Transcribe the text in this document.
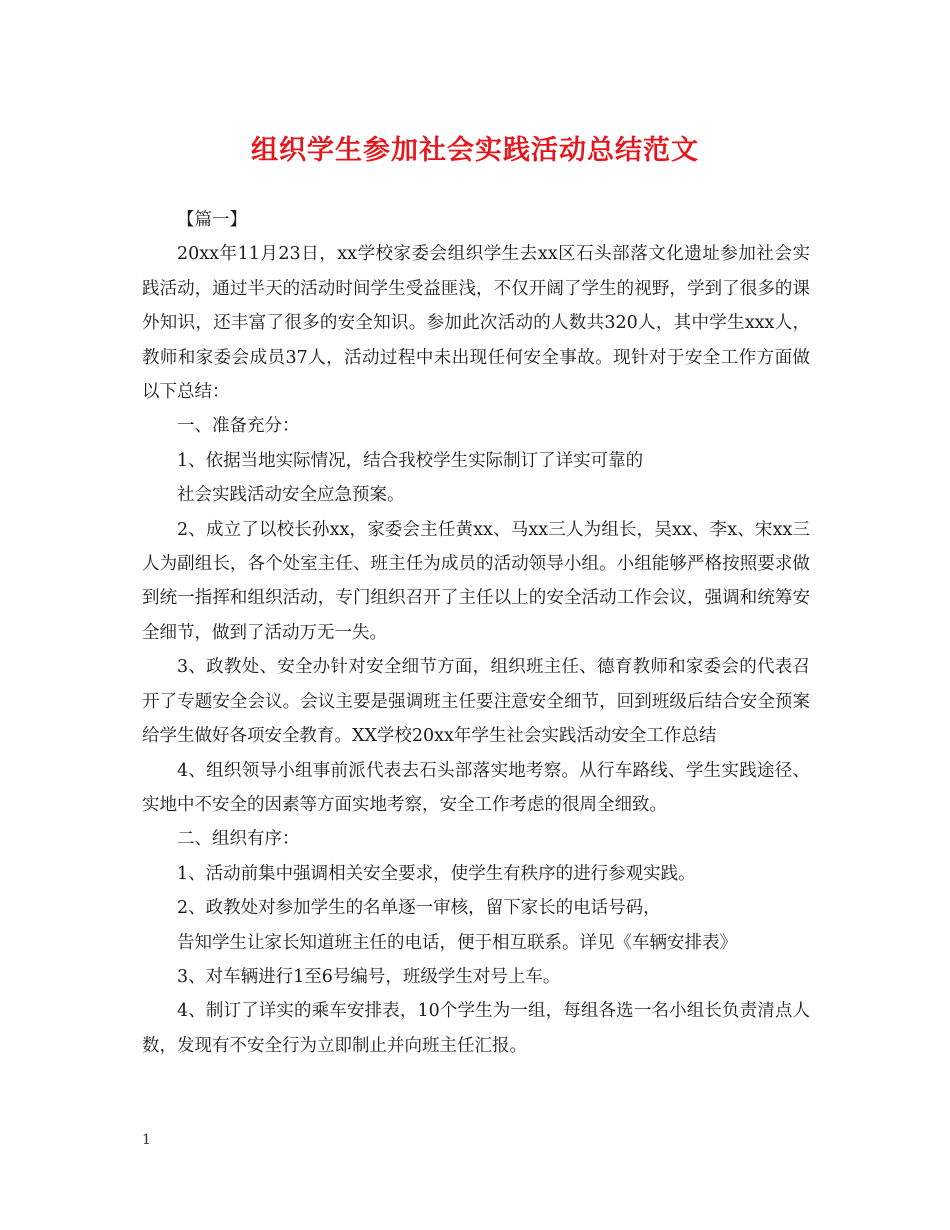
组织学生参加社会实践活动总结范文

【篇一】

20xx年11月23日，xx学校家委会组织学生去xx区石头部落文化遗址参加社会实践活动，通过半天的活动时间学生受益匪浅，不仅开阔了学生的视野，学到了很多的课外知识，还丰富了很多的安全知识。参加此次活动的人数共320人，其中学生xxx人，教师和家委会成员37人，活动过程中未出现任何安全事故。现针对于安全工作方面做以下总结：

一、准备充分：

1、依据当地实际情况，结合我校学生实际制订了详实可靠的

社会实践活动安全应急预案。

2、成立了以校长孙xx，家委会主任黄xx、马xx三人为组长，吴xx、李x、宋xx三人为副组长，各个处室主任、班主任为成员的活动领导小组。小组能够严格按照要求做到统一指挥和组织活动，专门组织召开了主任以上的安全活动工作会议，强调和统筹安全细节，做到了活动万无一失。

3、政教处、安全办针对安全细节方面，组织班主任、德育教师和家委会的代表召开了专题安全会议。会议主要是强调班主任要注意安全细节，回到班级后结合安全预案给学生做好各项安全教育。XX学校20xx年学生社会实践活动安全工作总结

4、组织领导小组事前派代表去石头部落实地考察。从行车路线、学生实践途径、实地中不安全的因素等方面实地考察，安全工作考虑的很周全细致。

二、组织有序：

1、活动前集中强调相关安全要求，使学生有秩序的进行参观实践。

2、政教处对参加学生的名单逐一审核，留下家长的电话号码，

告知学生让家长知道班主任的电话，便于相互联系。详见《车辆安排表》

3、对车辆进行1至6号编号，班级学生对号上车。

4、制订了详实的乘车安排表，10个学生为一组，每组各选一名小组长负责清点人数，发现有不安全行为立即制止并向班主任汇报。

1
